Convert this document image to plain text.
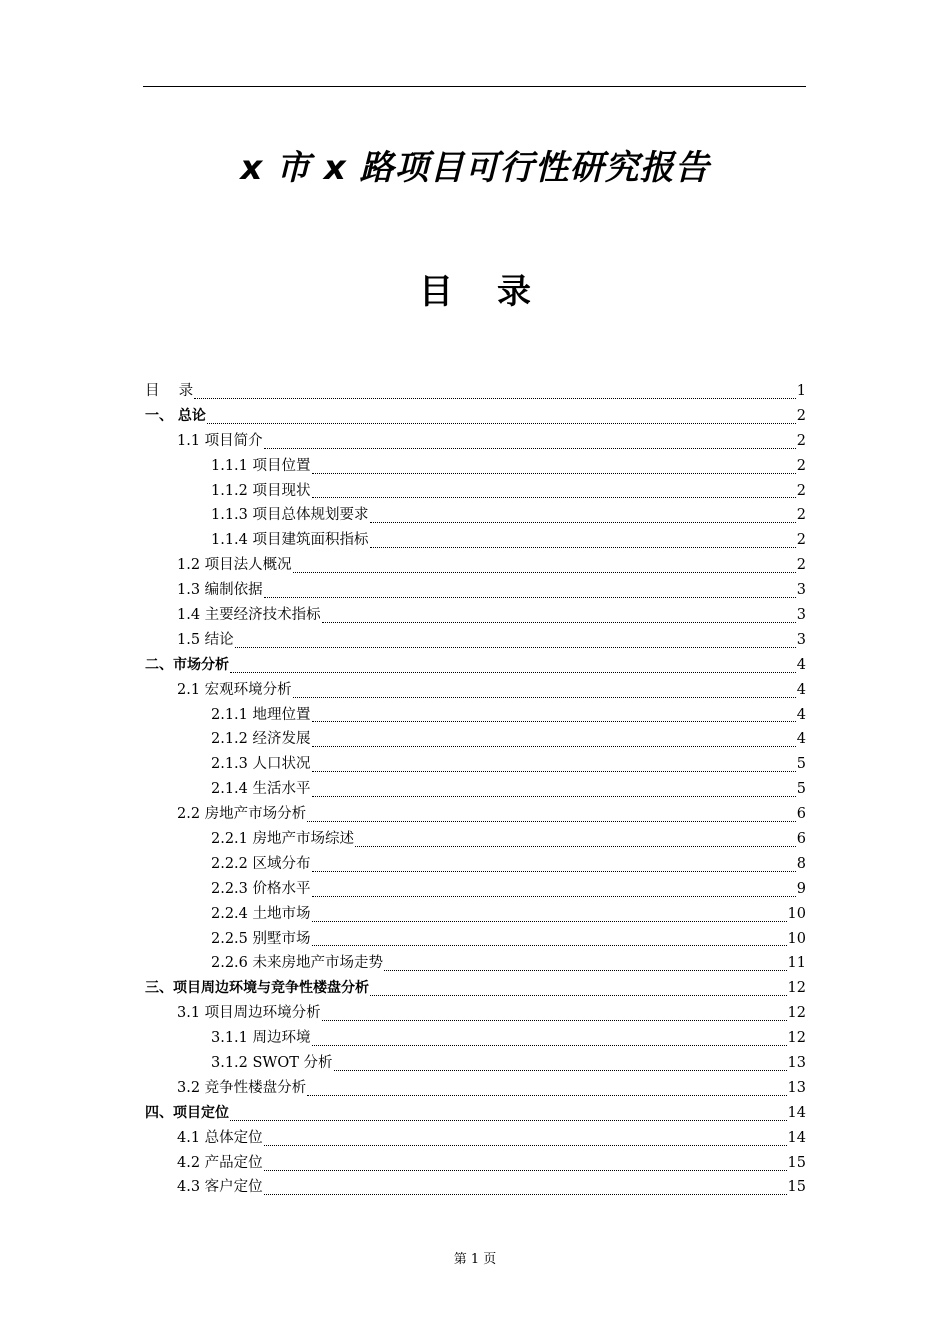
x 市 x 路项目可行性研究报告
目 录
目　 录	1
一、 总论	2
1.1 项目简介	2
1.1.1 项目位置	2
1.1.2 项目现状	2
1.1.3 项目总体规划要求	2
1.1.4 项目建筑面积指标	2
1.2 项目法人概况	2
1.3 编制依据	3
1.4 主要经济技术指标	3
1.5 结论	3
二、市场分析	4
2.1 宏观环境分析	4
2.1.1 地理位置	4
2.1.2 经济发展	4
2.1.3 人口状况	5
2.1.4 生活水平	5
2.2 房地产市场分析	6
2.2.1 房地产市场综述	6
2.2.2 区域分布	8
2.2.3 价格水平	9
2.2.4 土地市场	10
2.2.5 别墅市场	10
2.2.6 未来房地产市场走势	11
三、项目周边环境与竞争性楼盘分析	12
3.1 项目周边环境分析	12
3.1.1 周边环境	12
3.1.2 SWOT 分析	13
3.2 竞争性楼盘分析	13
四、项目定位	14
4.1 总体定位	14
4.2 产品定位	15
4.3 客户定位	15
第 1 页
